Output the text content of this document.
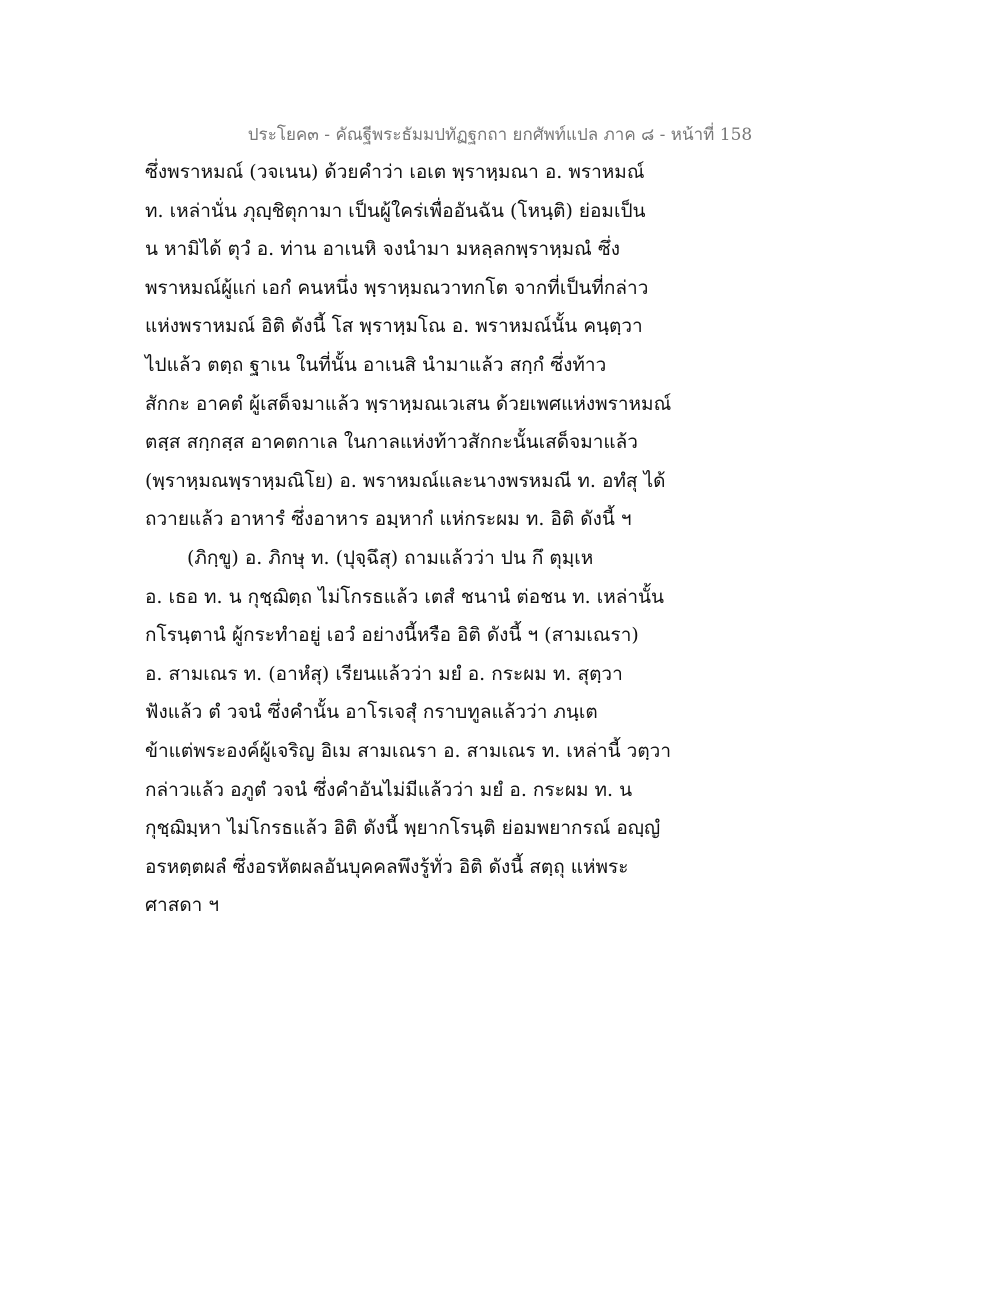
ประโยค๓ - คัณฐีพระธัมมปทัฏฐกถา ยกศัพท์แปล ภาค ๘ - หน้าที่ 158
ซึ่งพราหมณ์ (วจเนน) ด้วยคำว่า เอเต พฺราหฺมณา อ. พราหมณ์
ท. เหล่านั่น ภุญฺชิตุกามา เป็นผู้ใคร่เพื่ออันฉัน (โหนฺติ) ย่อมเป็น
น หามิได้ ตุวํ อ. ท่าน อาเนหิ จงนำมา มหลฺลกพฺราหฺมณํ ซึ่ง
พราหมณ์ผู้แก่ เอกํ คนหนึ่ง พฺราหฺมณวาทกโต จากที่เป็นที่กล่าว
แห่งพราหมณ์ อิติ ดังนี้ โส พฺราหฺมโณ อ. พราหมณ์นั้น คนฺตฺวา
ไปแล้ว ตตฺถ ฐาเน ในที่นั้น อาเนสิ นำมาแล้ว สกฺกํ ซึ่งท้าว
สักกะ อาคตํ ผู้เสด็จมาแล้ว พฺราหฺมณเวเสน ด้วยเพศแห่งพราหมณ์
ตสฺส สกฺกสฺส อาคตกาเล ในกาลแห่งท้าวสักกะนั้นเสด็จมาแล้ว
(พฺราหฺมณพฺราหฺมณิโย) อ. พราหมณ์และนางพรหมณี ท. อทํสุ ได้
ถวายแล้ว อาหารํ ซึ่งอาหาร อมฺหากํ แห่กระผม ท. อิติ ดังนี้ ฯ
(ภิกฺขู) อ. ภิกษุ ท. (ปุจฺฉึสุ) ถามแล้วว่า ปน กึ ตุมฺเห
อ. เธอ ท. น กุชฺฌิตฺถ ไม่โกรธแล้ว เตสํ ชนานํ ต่อชน ท. เหล่านั้น
กโรนฺตานํ ผู้กระทำอยู่ เอวํ อย่างนี้หรือ อิติ ดังนี้ ฯ (สามเณรา)
อ. สามเณร ท. (อาหํสุ) เรียนแล้วว่า มยํ อ. กระผม ท. สุตฺวา
ฟังแล้ว ตํ วจนํ ซึ่งคำนั้น อาโรเจสุํ กราบทูลแล้วว่า ภนฺเต
ข้าแต่พระองค์ผู้เจริญ อิเม สามเณรา อ. สามเณร ท. เหล่านี้ วตฺวา
กล่าวแล้ว อภูตํ วจนํ ซึ่งคำอันไม่มีแล้วว่า มยํ อ. กระผม ท. น
กุชฺฌิมฺหา ไม่โกรธแล้ว อิติ ดังนี้ พฺยากโรนฺติ ย่อมพยากรณ์ อญฺญํ
อรหตฺตผลํ ซึ่งอรหัตผลอันบุคคลพึงรู้ทั่ว อิติ ดังนี้ สตฺถุ แห่พระ
ศาสดา ฯ
